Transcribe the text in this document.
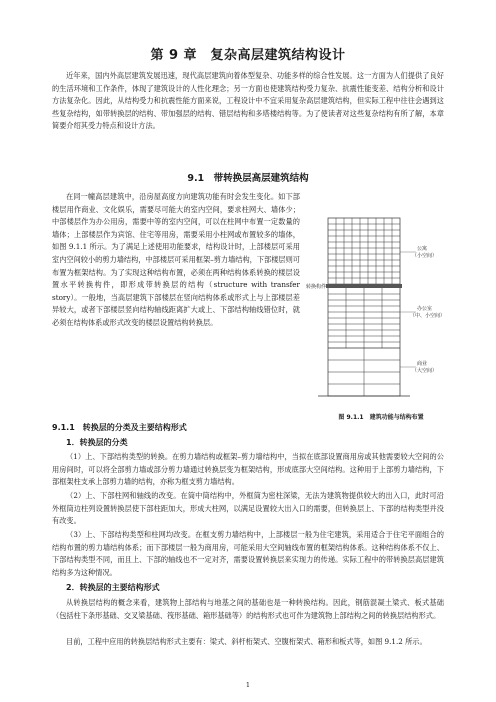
第 9 章　复杂高层建筑结构设计

近年来，国内外高层建筑发展迅速，现代高层建筑向着体型复杂、功能多样的综合性发展。这一方面为人们提供了良好的生活环境和工作条件，体现了建筑设计的人性化理念；另一方面也使建筑结构受力复杂、抗震性能变差、结构分析和设计方法复杂化。因此，从结构受力和抗震性能方面来说，工程设计中不宜采用复杂高层建筑结构，但实际工程中往往会遇到这些复杂结构，如带转换层的结构、带加强层的结构、错层结构和多塔楼结构等。为了使读者对这些复杂结构有所了解，本章简要介绍其受力特点和设计方法。

9.1　带转换层高层建筑结构

在同一幢高层建筑中，沿房屋高度方向建筑功能有时会发生变化。如下部楼层用作商业、文化娱乐，需要尽可能大的室内空间，要求柱网大、墙体少；中部楼层作为办公用房，需要中等的室内空间，可以在柱网中布置一定数量的墙体；上部楼层作为宾馆、住宅等用房，需要采用小柱网或布置较多的墙体，如图 9.1.1 所示。为了满足上述使用功能要求，结构设计时，上部楼层可采用室内空间较小的剪力墙结构，中部楼层可采用框架–剪力墙结构，下部楼层则可布置为框架结构。为了实现这种结构布置，必须在两种结构体系转换的楼层设置水平转换构件，即形成带转换层的结构（structure with transfer story）。一般地，当高层建筑下部楼层在竖向结构体系或形式上与上部楼层差异较大，或者下部楼层竖向结构轴线距离扩大或上、下部结构轴线错位时，就必须在结构体系或形式改变的楼层设置结构转换层。

公寓
（小空间）
办公室
（中、小空间）
商业
（大空间）
转换构件
图 9.1.1　建筑功能与结构布置
9.1.1　转换层的分类及主要结构形式
1．转换层的分类

（1）上、下部结构类型的转换。在剪力墙结构或框架–剪力墙结构中，当拟在底部设置商用房或其他需要较大空间的公用房间时，可以将全部剪力墙或部分剪力墙通过转换层变为框架结构，形成底部大空间结构。这种用于上部剪力墙结构，下部框架柱支承上部剪力墙的结构，亦称为框支剪力墙结构。

（2）上、下部柱网和轴线的改变。在筒中筒结构中，外框筒为密柱深梁，无法为建筑物提供较大的出入口，此时可沿外框筒边柱列设置转换层使下部柱距加大，形成大柱网，以满足设置较大出入口的需要，但转换层上、下部的结构类型并没有改变。

（3）上、下部结构类型和柱网均改变。在框支剪力墙结构中，上部楼层一般为住宅建筑，采用适合于住宅平面组合的结构布置的剪力墙结构体系；而下部楼层一般为商用房，可能采用大空间轴线布置的框架结构体系。这种结构体系不仅上、下部结构类型不同，而且上、下部的轴线也不一定对齐，需要设置转换层来实现力的传递。实际工程中的带转换层高层建筑结构多为这种情况。

2．转换层的主要结构形式

从转换层结构的概念来看，建筑物上部结构与地基之间的基础也是一种转换结构。因此，钢筋混凝土梁式、板式基础（包括柱下条形基础、交叉梁基础、筏形基础、箱形基础等）的结构形式也可作为建筑物上部结构之间的转换层结构形式。

目前，工程中应用的转换层结构形式主要有：梁式、斜杆桁架式、空腹桁架式、箱形和板式等，如图 9.1.2 所示。

1
